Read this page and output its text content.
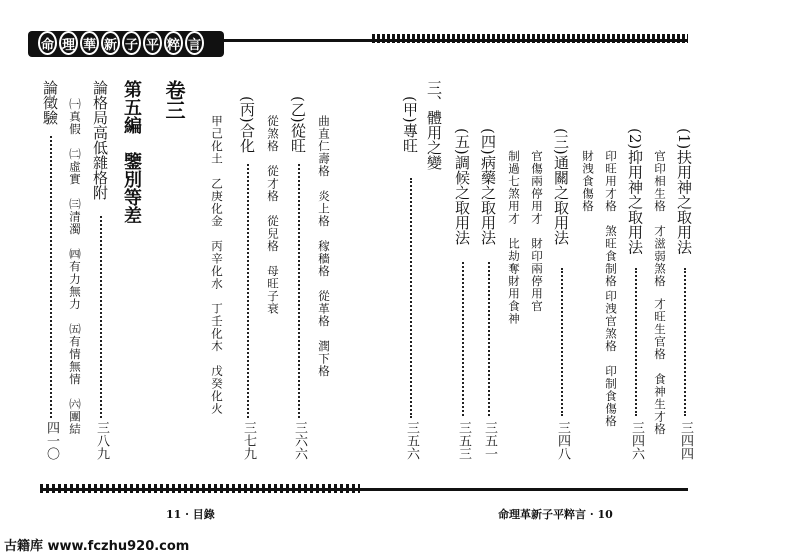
命 理 華 新 子 平 粹 言
(1)扶用神之取用法
三四四
官印相生格　才滋弱煞格
才旺生官格　食神生才格
(2)抑用神之取用法
三四六
印旺用才格　煞旺食制格
印洩官煞格　印制食傷格
財洩食傷格
(三)通關之取用法
三四八
官傷兩停用才　財印兩停用官
制過七煞用才　比劫奪財用食神
(四)病藥之取用法
三五一
(五)調候之取用法
三五三
三、體用之變
(甲)專旺
三五六
曲直仁壽格　炎上格　稼穡格　從革格　潤下格
(乙)從旺
三六六
從煞格　從才格　從兒格　母旺子衰
(丙)合化
三七九
甲己化土　乙庚化金　丙辛化水　丁壬化木　戊癸化火
卷三
第五編　鑒別等差
論格局高低雜格附
三八九
㈠真假　㈡虛實　㈢清濁　㈣有力無力　㈤有情無情　㈥團結
論徵驗
四一〇
11 · 目錄	命理革新子平粹言 · 10
古籍库 www.fczhu920.com
